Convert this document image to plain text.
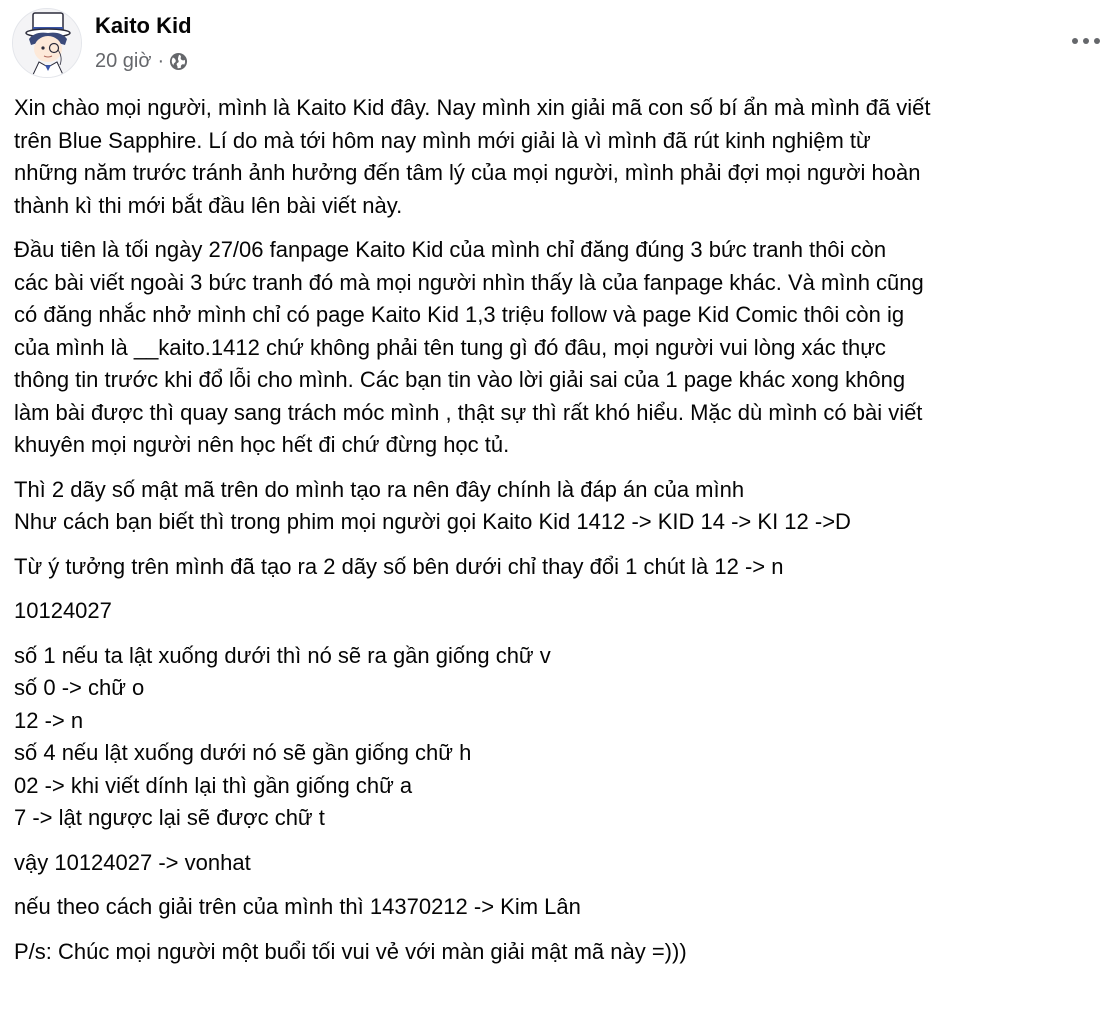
Kaito Kid
20 giờ ·
Xin chào mọi người, mình là Kaito Kid đây. Nay mình xin giải mã con số bí ẩn mà mình đã viết
trên Blue Sapphire. Lí do mà tới hôm nay mình mới giải là vì mình đã rút kinh nghiệm từ
những năm trước tránh ảnh hưởng đến tâm lý của mọi người, mình phải đợi mọi người hoàn
thành kì thi mới bắt đầu lên bài viết này.
Đầu tiên là tối ngày 27/06 fanpage Kaito Kid của mình chỉ đăng đúng 3 bức tranh thôi còn
các bài viết ngoài 3 bức tranh đó mà mọi người nhìn thấy là của fanpage khác. Và mình cũng
có đăng nhắc nhở mình chỉ có page Kaito Kid 1,3 triệu follow và page Kid Comic thôi còn ig
của mình là __kaito.1412 chứ không phải tên tung gì đó đâu, mọi người vui lòng xác thực
thông tin trước khi đổ lỗi cho mình. Các bạn tin vào lời giải sai của 1 page khác xong không
làm bài được thì quay sang trách móc mình , thật sự thì rất khó hiểu. Mặc dù mình có bài viết
khuyên mọi người nên học hết đi chứ đừng học tủ.
Thì 2 dãy số mật mã trên do mình tạo ra nên đây chính là đáp án của mình
Như cách bạn biết thì trong phim mọi người gọi Kaito Kid 1412 -> KID 14 -> KI 12 ->D
Từ ý tưởng trên mình đã tạo ra 2 dãy số bên dưới chỉ thay đổi 1 chút là 12 -> n
10124027
số 1 nếu ta lật xuống dưới thì nó sẽ ra gần giống chữ v
số 0 -> chữ o
12 -> n
số 4 nếu lật xuống dưới nó sẽ gần giống chữ h
02 -> khi viết dính lại thì gần giống chữ a
7 -> lật ngược lại sẽ được chữ t
vậy 10124027 -> vonhat
nếu theo cách giải trên của mình thì 14370212 -> Kim Lân
P/s: Chúc mọi người một buổi tối vui vẻ với màn giải mật mã này =)))
